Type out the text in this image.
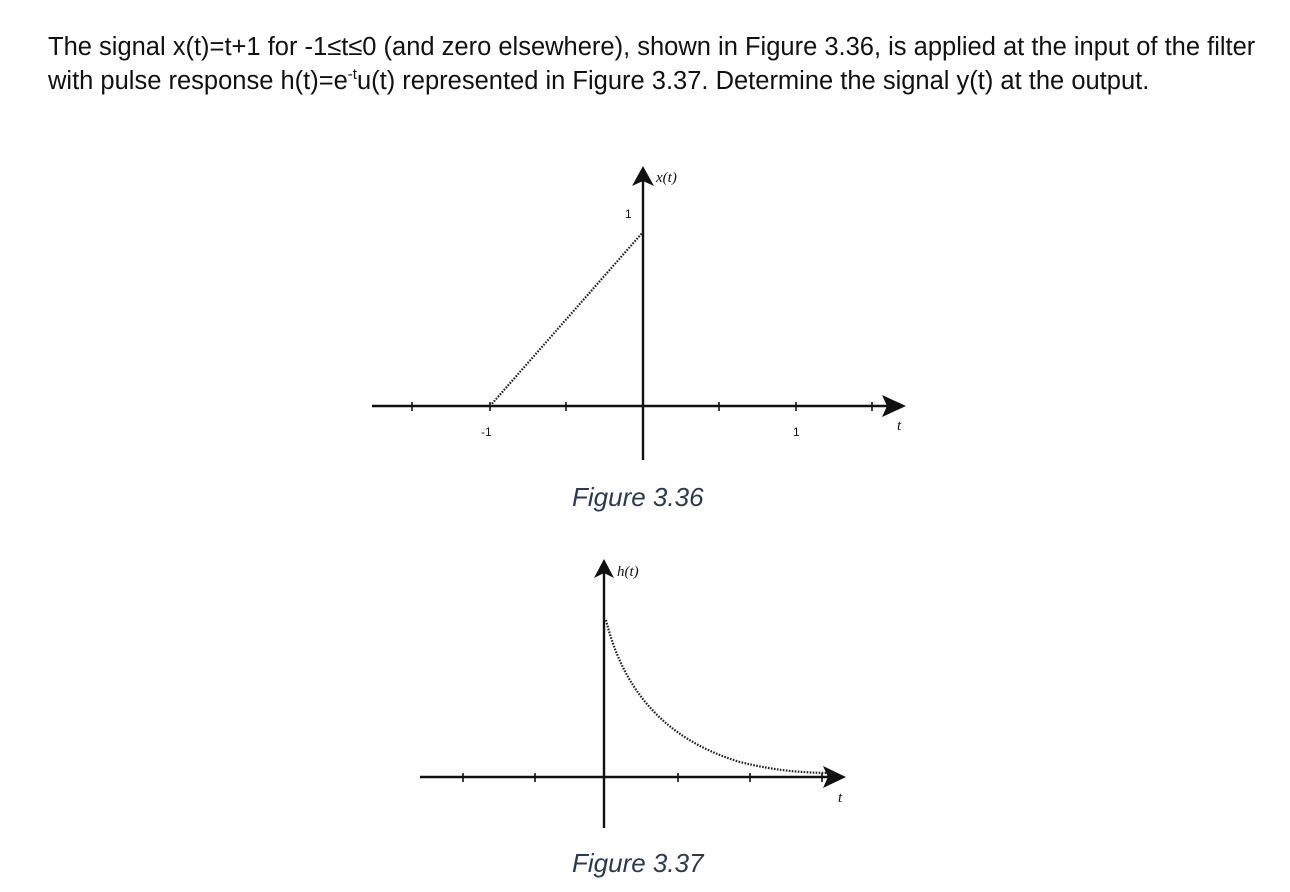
The signal x(t)=t+1 for -1≤t≤0 (and zero elsewhere), shown in Figure 3.36, is applied at the input of the filter with pulse response $h(t)=e^{-t}u(t)$ represented in Figure 3.37. Determine the signal y(t) at the output.

x(t)
t
-1	1
1

Figure 3.36

h(t)
t

Figure 3.37
